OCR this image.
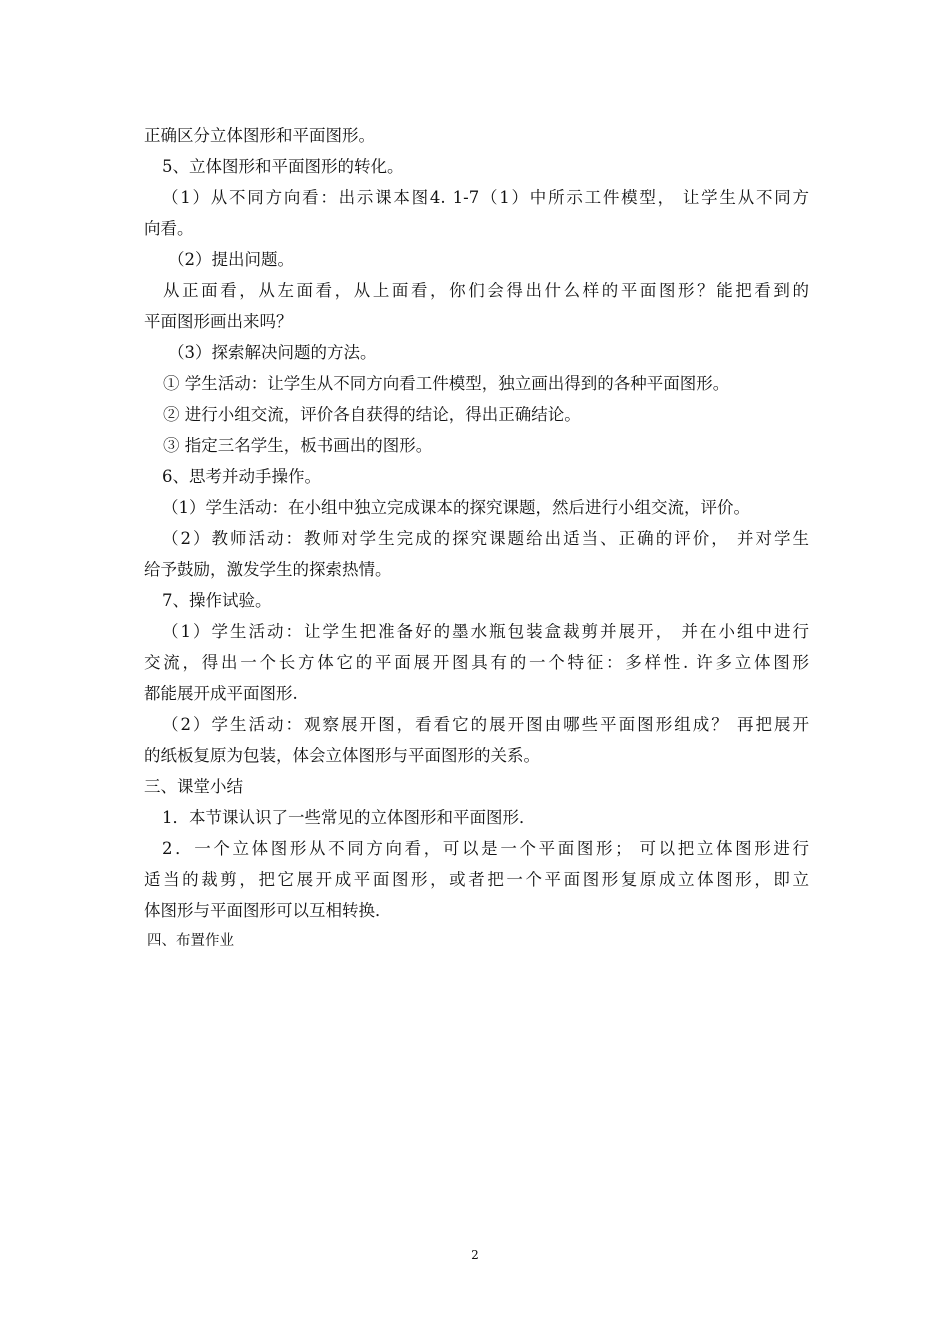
正确区分立体图形和平面图形。
5、立体图形和平面图形的转化。
（1）从不同方向看：出示课本图4. 1-7（1）中所示工件模型， 让学生从不同方
向看。
（2）提出问题。
从正面看，从左面看，从上面看，你们会得出什么样的平面图形？能把看到的
平面图形画出来吗？
（3）探索解决问题的方法。
① 学生活动：让学生从不同方向看工件模型，独立画出得到的各种平面图形。
② 进行小组交流，评价各自获得的结论，得出正确结论。
③ 指定三名学生，板书画出的图形。
6、思考并动手操作。
（1）学生活动：在小组中独立完成课本的探究课题，然后进行小组交流，评价。
（2）教师活动：教师对学生完成的探究课题给出适当、正确的评价， 并对学生
给予鼓励，激发学生的探索热情。
7、操作试验。
（1）学生活动：让学生把准备好的墨水瓶包装盒裁剪并展开， 并在小组中进行
交流，得出一个长方体它的平面展开图具有的一个特征：多样性. 许多立体图形
都能展开成平面图形.
（2）学生活动：观察展开图，看看它的展开图由哪些平面图形组成？ 再把展开
的纸板复原为包装，体会立体图形与平面图形的关系。
三、课堂小结
1．本节课认识了一些常见的立体图形和平面图形．
2．一个立体图形从不同方向看，可以是一个平面图形； 可以把立体图形进行
适当的裁剪，把它展开成平面图形，或者把一个平面图形复原成立体图形，即立
体图形与平面图形可以互相转换．
四、布置作业
2
